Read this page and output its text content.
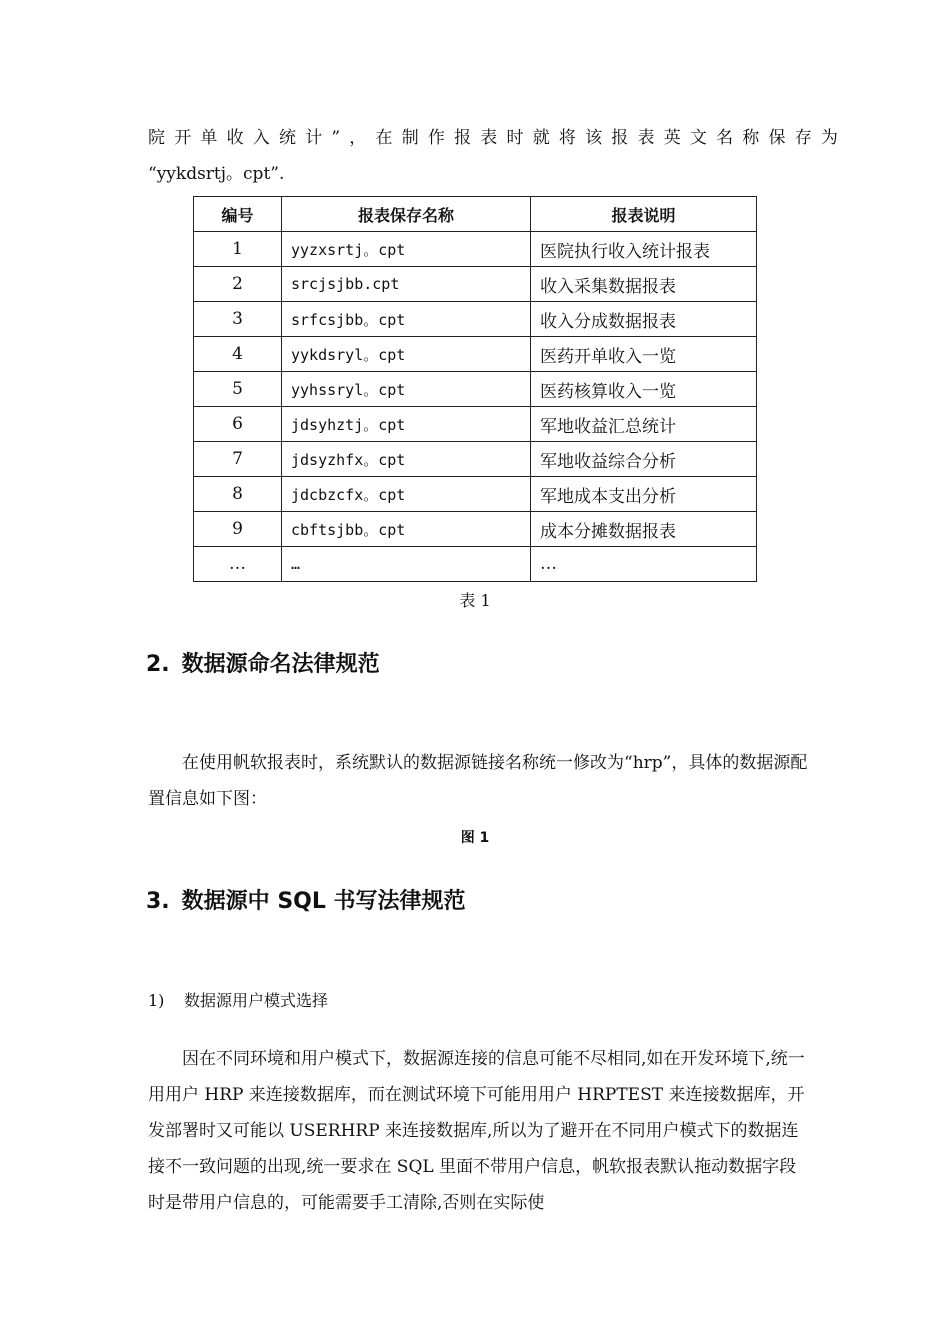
院开单收入统计”，在制作报表时就将该报表英文名称保存为
“yykdsrtj。cpt”.

编号	报表保存名称	报表说明
1	yyzxsrtj。cpt	医院执行收入统计报表
2	srcjsjbb.cpt	收入采集数据报表
3	srfcsjbb。cpt	收入分成数据报表
4	yykdsryl。cpt	医药开单收入一览
5	yyhssryl。cpt	医药核算收入一览
6	jdsyhztj。cpt	军地收益汇总统计
7	jdsyzhfx。cpt	军地收益综合分析
8	jdcbzcfx。cpt	军地成本支出分析
9	cbftsjbb。cpt	成本分摊数据报表
…	…	…
表 1
2. 数据源命名法律规范

在使用帆软报表时，系统默认的数据源链接名称统一修改为“hrp”，具体的数据源配置信息如下图：

图 1
3. 数据源中 SQL 书写法律规范

1) 数据源用户模式选择

因在不同环境和用户模式下，数据源连接的信息可能不尽相同,如在开发环境下,统一用用户 HRP 来连接数据库，而在测试环境下可能用用户 HRPTEST 来连接数据库，开发部署时又可能以 USERHRP 来连接数据库,所以为了避开在不同用户模式下的数据连接不一致问题的出现,统一要求在 SQL 里面不带用户信息，帆软报表默认拖动数据字段时是带用户信息的，可能需要手工清除,否则在实际使
